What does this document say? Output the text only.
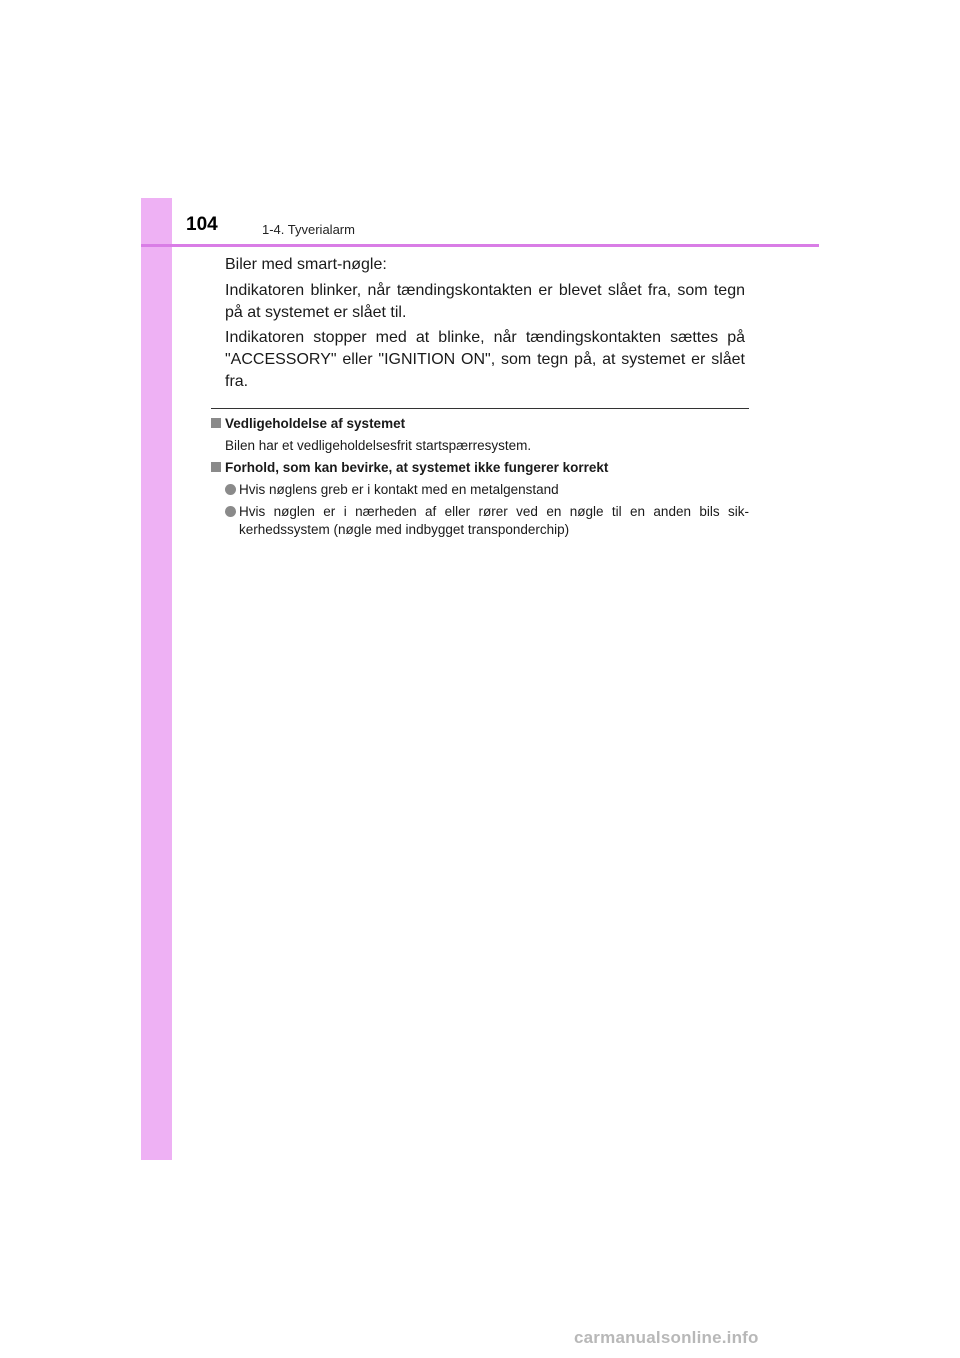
104	1-4. Tyverialarm
Biler med smart-nøgle:
Indikatoren blinker, når tændingskontakten er blevet slået fra, som tegn på at systemet er slået til.
Indikatoren stopper med at blinke, når tændingskontakten sættes på "ACCESSORY" eller "IGNITION ON", som tegn på, at systemet er slået fra.
Vedligeholdelse af systemet
Bilen har et vedligeholdelsesfrit startspærresystem.
Forhold, som kan bevirke, at systemet ikke fungerer korrekt
Hvis nøglens greb er i kontakt med en metalgenstand
Hvis nøglen er i nærheden af eller rører ved en nøgle til en anden bils sik-kerhedssystem (nøgle med indbygget transponderchip)
carmanualsonline.info
